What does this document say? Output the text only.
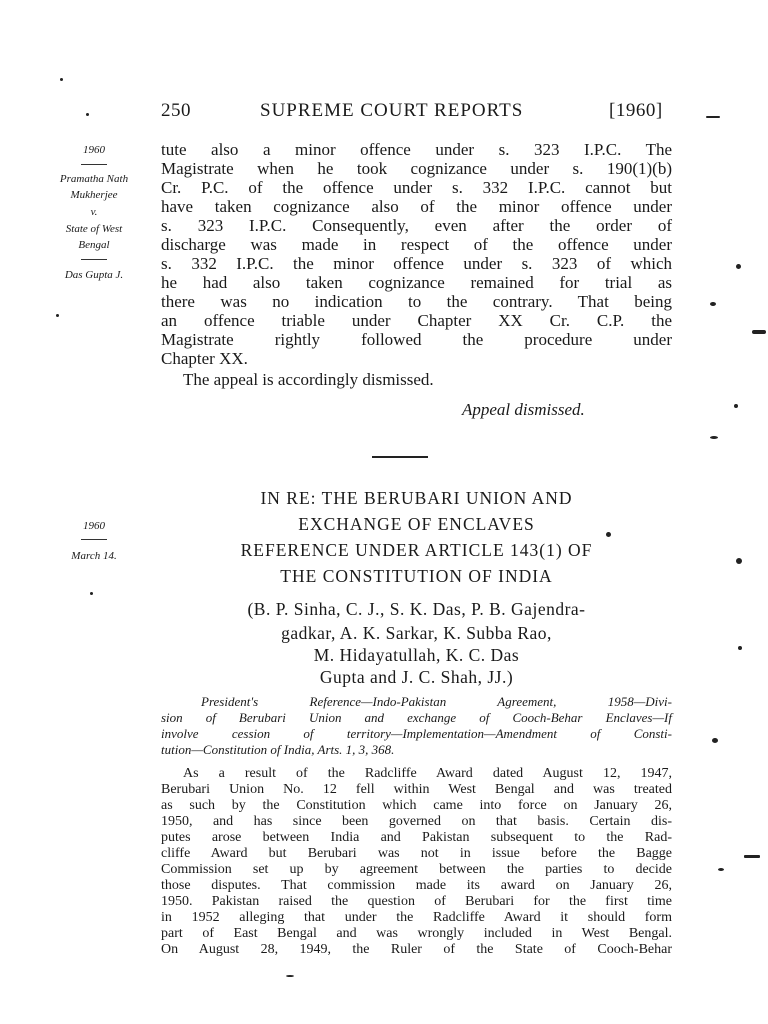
250	SUPREME COURT REPORTS	[1960]
1960
Pramatha Nath
Mukherjee
v.
State of West
Bengal
Das Gupta J.
tute also a minor offence under s. 323 I.P.C. The
Magistrate when he took cognizance under s. 190(1)(b)
Cr. P.C. of the offence under s. 332 I.P.C. cannot but
have taken cognizance also of the minor offence under
s. 323 I.P.C. Consequently, even after the order of
discharge was made in respect of the offence under
s. 332 I.P.C. the minor offence under s. 323 of which
he had also taken cognizance remained for trial as
there was no indication to the contrary. That being
an offence triable under Chapter XX Cr. C.P. the
Magistrate rightly followed the procedure under
Chapter XX.
The appeal is accordingly dismissed.
Appeal dismissed.
1960
March 14.
IN RE: THE BERUBARI UNION AND
EXCHANGE OF ENCLAVES
REFERENCE UNDER ARTICLE 143(1) OF
THE CONSTITUTION OF INDIA
(B. P. Sinha, C. J., S. K. Das, P. B. Gajendra-
gadkar, A. K. Sarkar, K. Subba Rao,
M. Hidayatullah, K. C. Das
Gupta and J. C. Shah, JJ.)
President's Reference—Indo-Pakistan Agreement, 1958—Divi-
sion of Berubari Union and exchange of Cooch-Behar Enclaves—If
involve cession of territory—Implementation—Amendment of Consti-
tution—Constitution of India, Arts. 1, 3, 368.
As a result of the Radcliffe Award dated August 12, 1947,
Berubari Union No. 12 fell within West Bengal and was treated
as such by the Constitution which came into force on January 26,
1950, and has since been governed on that basis. Certain dis-
putes arose between India and Pakistan subsequent to the Rad-
cliffe Award but Berubari was not in issue before the Bagge
Commission set up by agreement between the parties to decide
those disputes. That commission made its award on January 26,
1950. Pakistan raised the question of Berubari for the first time
in 1952 alleging that under the Radcliffe Award it should form
part of East Bengal and was wrongly included in West Bengal.
On August 28, 1949, the Ruler of the State of Cooch-Behar
